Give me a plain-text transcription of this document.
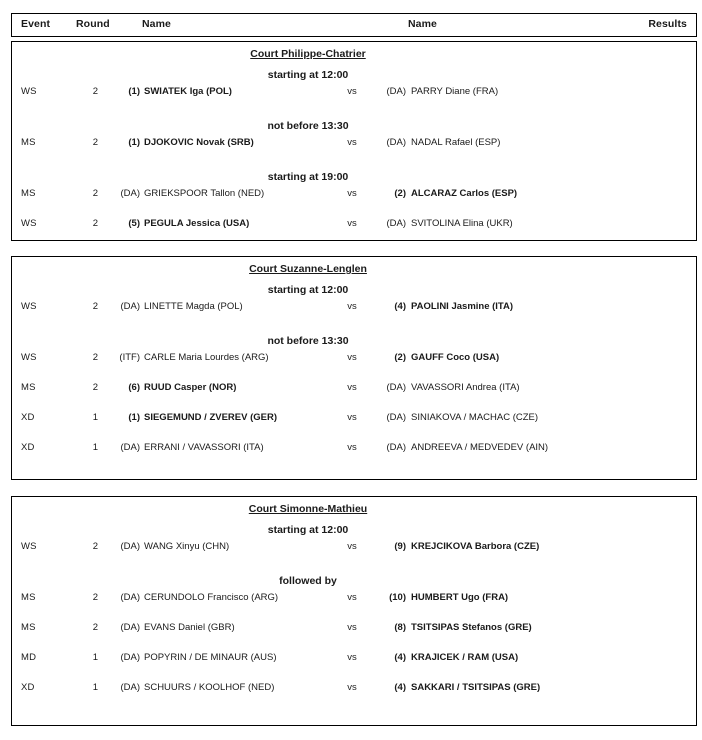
Event Round	Name	Name	Results
Court Philippe-Chatrier
starting at 12:00
WS	2	(1) SWIATEK Iga (POL)	vs	(DA) PARRY Diane (FRA)
not before 13:30
MS	2	(1) DJOKOVIC Novak (SRB)	vs	(DA) NADAL Rafael (ESP)
starting at 19:00
MS	2	(DA) GRIEKSPOOR Tallon (NED)	vs	(2) ALCARAZ Carlos (ESP)
WS	2	(5) PEGULA Jessica (USA)	vs	(DA) SVITOLINA Elina (UKR)
Court Suzanne-Lenglen
starting at 12:00
WS	2	(DA) LINETTE Magda (POL)	vs	(4) PAOLINI Jasmine (ITA)
not before 13:30
WS	2	(ITF) CARLE Maria Lourdes (ARG)	vs	(2) GAUFF Coco (USA)
MS	2	(6) RUUD Casper (NOR)	vs	(DA) VAVASSORI Andrea (ITA)
XD	1	(1) SIEGEMUND / ZVEREV (GER)	vs	(DA) SINIAKOVA / MACHAC (CZE)
XD	1	(DA) ERRANI / VAVASSORI (ITA)	vs	(DA) ANDREEVA / MEDVEDEV (AIN)
Court Simonne-Mathieu
starting at 12:00
WS	2	(DA) WANG Xinyu (CHN)	vs	(9) KREJCIKOVA Barbora (CZE)
followed by
MS	2	(DA) CERUNDOLO Francisco (ARG)	vs	(10) HUMBERT Ugo (FRA)
MS	2	(DA) EVANS Daniel (GBR)	vs	(8) TSITSIPAS Stefanos (GRE)
MD	1	(DA) POPYRIN / DE MINAUR (AUS)	vs	(4) KRAJICEK / RAM (USA)
XD	1	(DA) SCHUURS / KOOLHOF (NED)	vs	(4) SAKKARI / TSITSIPAS (GRE)
